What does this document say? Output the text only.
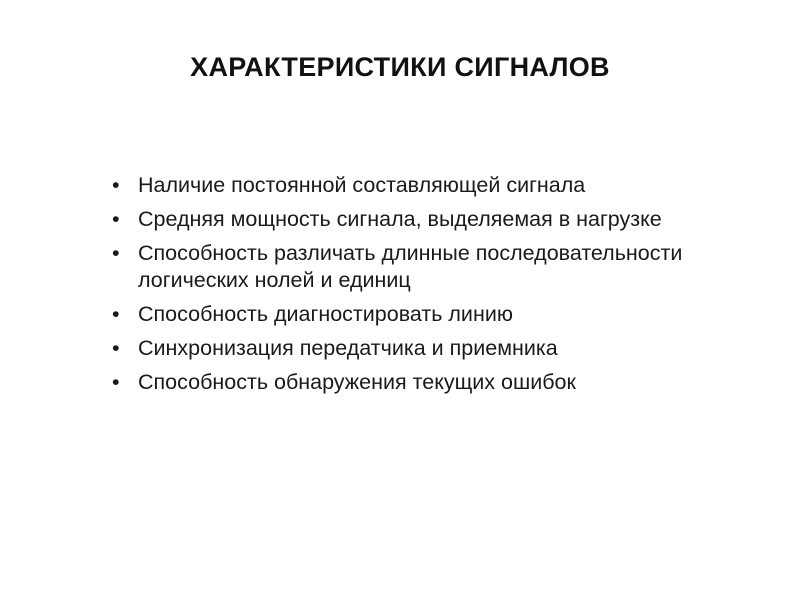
ХАРАКТЕРИСТИКИ СИГНАЛОВ
• Наличие постоянной составляющей сигнала
• Средняя мощность сигнала, выделяемая в нагрузке
• Способность различать длинные последовательности логических нолей и единиц
• Способность диагностировать линию
• Синхронизация передатчика и приемника
• Способность обнаружения текущих ошибок
